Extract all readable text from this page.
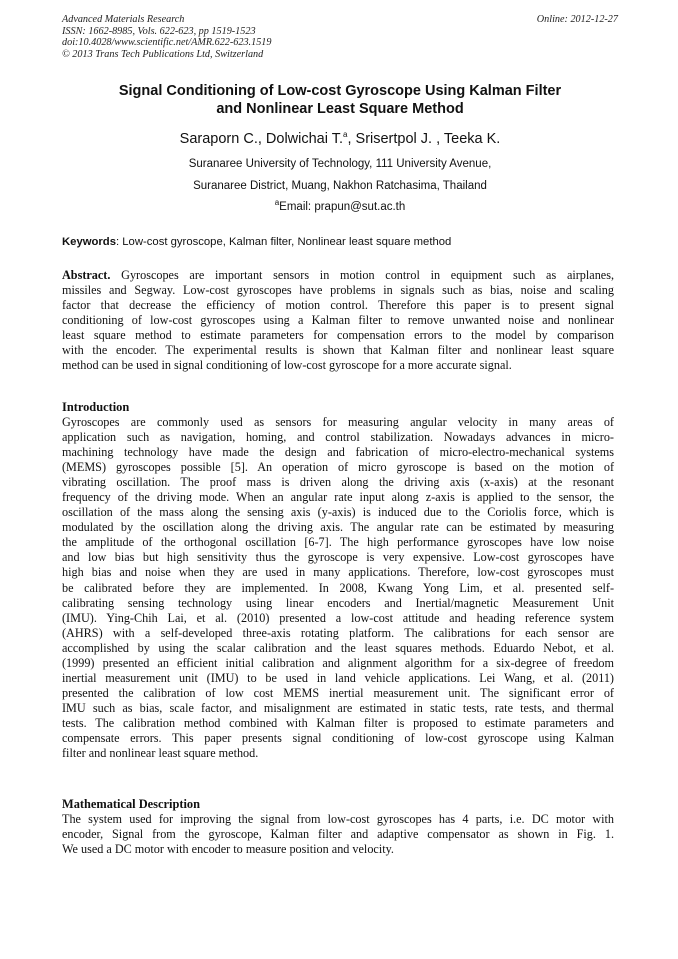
Advanced Materials Research
ISSN: 1662-8985, Vols. 622-623, pp 1519-1523
doi:10.4028/www.scientific.net/AMR.622-623.1519
© 2013 Trans Tech Publications Ltd, Switzerland
Online: 2012-12-27
Signal Conditioning of Low-cost Gyroscope Using Kalman Filter
and Nonlinear Least Square Method
Saraporn C., Dolwichai T.$^a$, Srisertpol J. , Teeka K.
Suranaree University of Technology, 111 University Avenue,
Suranaree District, Muang, Nakhon Ratchasima, Thailand
$^a$Email: prapun@sut.ac.th
Keywords: Low-cost gyroscope, Kalman filter, Nonlinear least square method
Abstract. Gyroscopes are important sensors in motion control in equipment such as airplanes,
missiles and Segway. Low-cost gyroscopes have problems in signals such as bias, noise and scaling
factor that decrease the efficiency of motion control. Therefore this paper is to present signal
conditioning of low-cost gyroscopes using a Kalman filter to remove unwanted noise and nonlinear
least square method to estimate parameters for compensation errors to the model by comparison
with the encoder. The experimental results is shown that Kalman filter and nonlinear least square
method can be used in signal conditioning of low-cost gyroscope for a more accurate signal.
Introduction
Gyroscopes are commonly used as sensors for measuring angular velocity in many areas of
application such as navigation, homing, and control stabilization. Nowadays advances in micro-
machining technology have made the design and fabrication of micro-electro-mechanical systems
(MEMS) gyroscopes possible [5]. An operation of micro gyroscope is based on the motion of
vibrating oscillation. The proof mass is driven along the driving axis (x-axis) at the resonant
frequency of the driving mode. When an angular rate input along z-axis is applied to the sensor, the
oscillation of the mass along the sensing axis (y-axis) is induced due to the Coriolis force, which is
modulated by the oscillation along the driving axis. The angular rate can be estimated by measuring
the amplitude of the orthogonal oscillation [6-7]. The high performance gyroscopes have low noise
and low bias but high sensitivity thus the gyroscope is very expensive. Low-cost gyroscopes have
high bias and noise when they are used in many applications. Therefore, low-cost gyroscopes must
be calibrated before they are implemented. In 2008, Kwang Yong Lim, et al. presented self-
calibrating sensing technology using linear encoders and Inertial/magnetic Measurement Unit
(IMU). Ying-Chih Lai, et al. (2010) presented a low-cost attitude and heading reference system
(AHRS) with a self-developed three-axis rotating platform. The calibrations for each sensor are
accomplished by using the scalar calibration and the least squares methods. Eduardo Nebot, et al.
(1999) presented an efficient initial calibration and alignment algorithm for a six-degree of freedom
inertial measurement unit (IMU) to be used in land vehicle applications. Lei Wang, et al. (2011)
presented the calibration of low cost MEMS inertial measurement unit. The significant error of
IMU such as bias, scale factor, and misalignment are estimated in static tests, rate tests, and thermal
tests. The calibration method combined with Kalman filter is proposed to estimate parameters and
compensate errors. This paper presents signal conditioning of low-cost gyroscope using Kalman
filter and nonlinear least square method.
Mathematical Description
The system used for improving the signal from low-cost gyroscopes has 4 parts, i.e. DC motor with
encoder, Signal from the gyroscope, Kalman filter and adaptive compensator as shown in Fig. 1.
We used a DC motor with encoder to measure position and velocity.
